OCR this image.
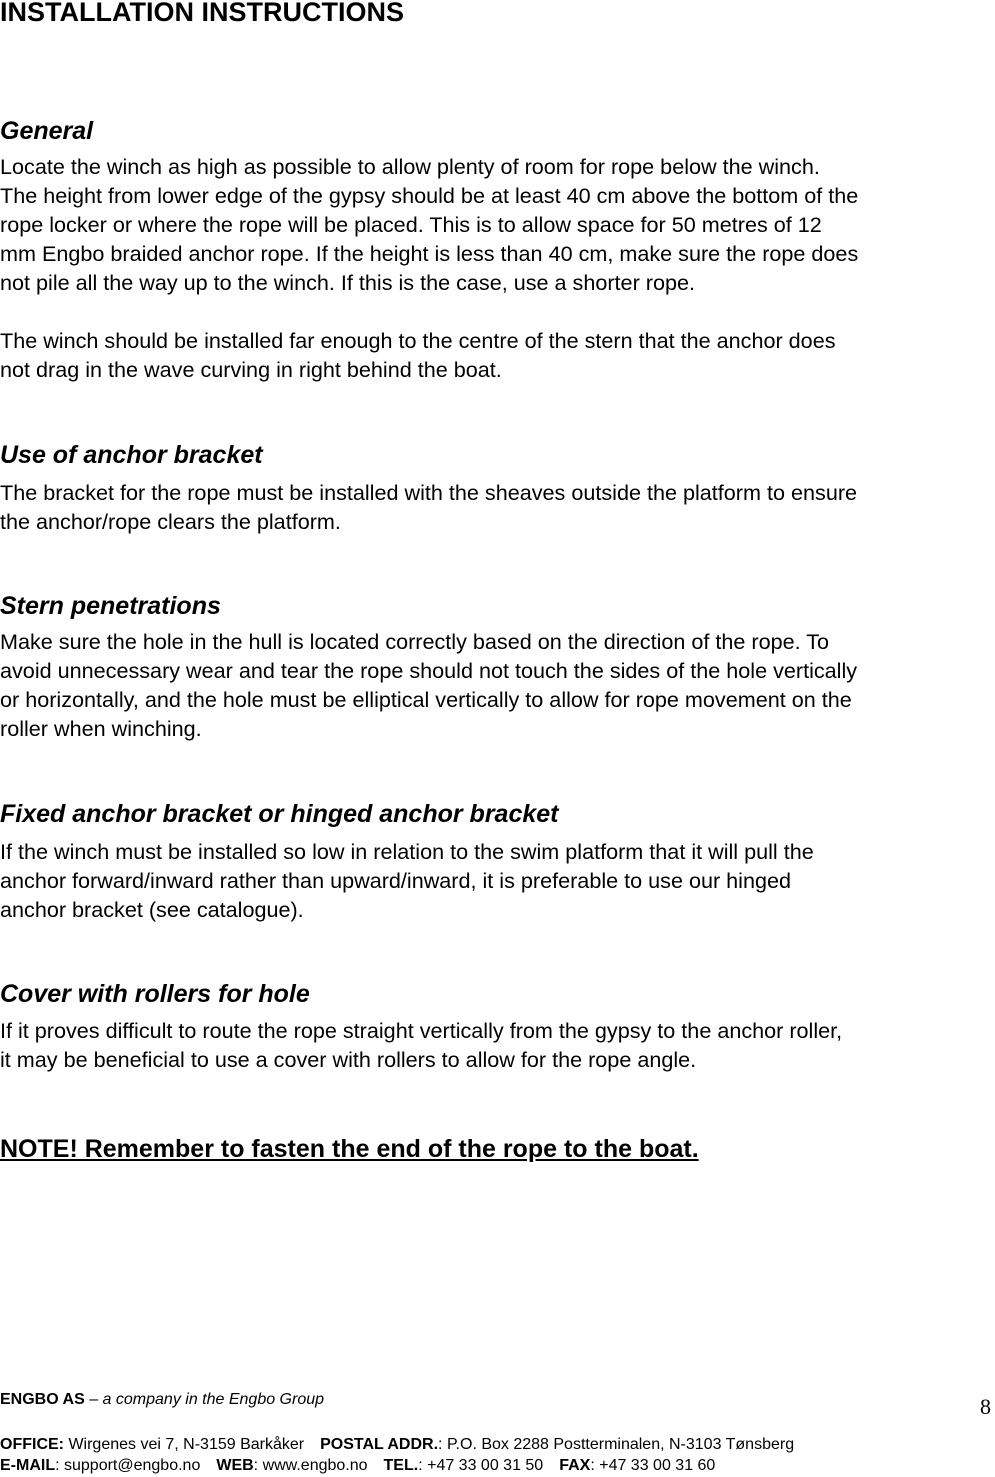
INSTALLATION INSTRUCTIONS
General
Locate the winch as high as possible to allow plenty of room for rope below the winch.
The height from lower edge of the gypsy should be at least 40 cm above the bottom of the
rope locker or where the rope will be placed. This is to allow space for 50 metres of 12
mm Engbo braided anchor rope. If the height is less than 40 cm, make sure the rope does
not pile all the way up to the winch. If this is the case, use a shorter rope.
The winch should be installed far enough to the centre of the stern that the anchor does
not drag in the wave curving in right behind the boat.
Use of anchor bracket
The bracket for the rope must be installed with the sheaves outside the platform to ensure
the anchor/rope clears the platform.
Stern penetrations
Make sure the hole in the hull is located correctly based on the direction of the rope. To
avoid unnecessary wear and tear the rope should not touch the sides of the hole vertically
or horizontally, and the hole must be elliptical vertically to allow for rope movement on the
roller when winching.
Fixed anchor bracket or hinged anchor bracket
If the winch must be installed so low in relation to the swim platform that it will pull the
anchor forward/inward rather than upward/inward, it is preferable to use our hinged
anchor bracket (see catalogue).
Cover with rollers for hole
If it proves difficult to route the rope straight vertically from the gypsy to the anchor roller,
it may be beneficial to use a cover with rollers to allow for the rope angle.
NOTE! Remember to fasten the end of the rope to the boat.
ENGBO AS – a company in the Engbo Group	8
OFFICE: Wirgenes vei 7, N-3159 Barkåker POSTAL ADDR.: P.O. Box 2288 Postterminalen, N-3103 Tønsberg
E-MAIL: support@engbo.no WEB: www.engbo.no TEL.: +47 33 00 31 50 FAX: +47 33 00 31 60
